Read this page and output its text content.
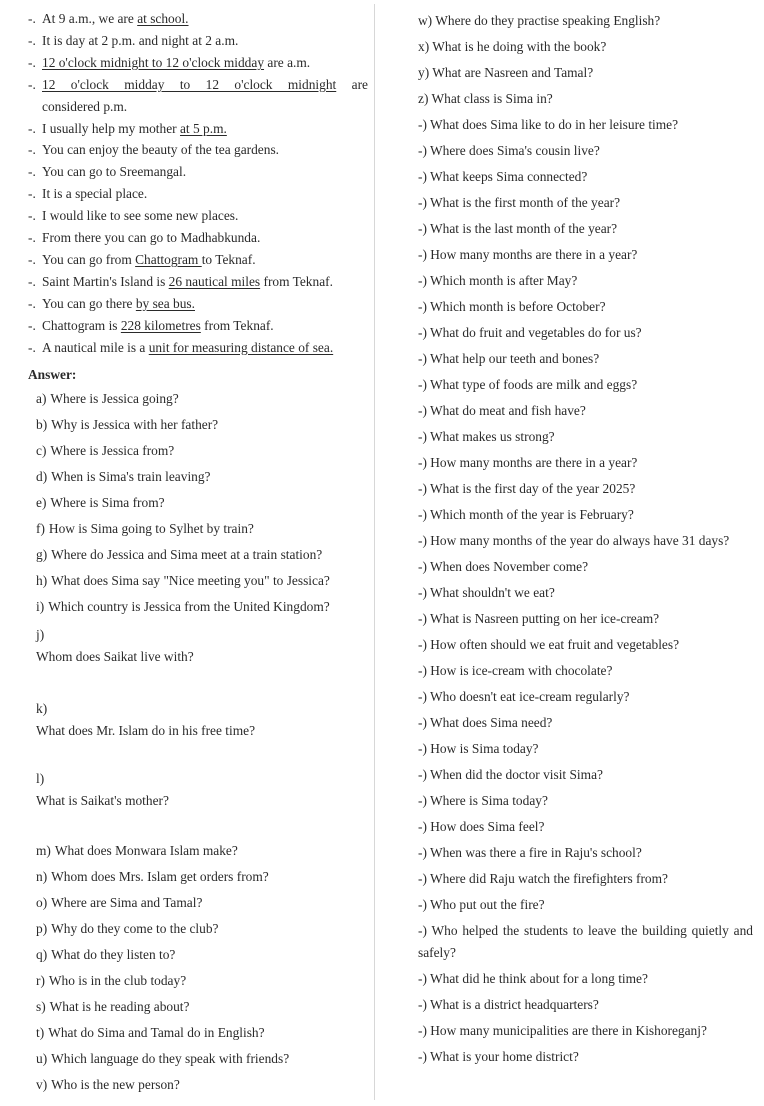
-. At 9 a.m., we are at school.
-. It is day at 2 p.m. and night at 2 a.m.
-. 12 o'clock midnight to 12 o'clock midday are a.m.
-. 12 o'clock midday to 12 o'clock midnight are
considered p.m.
-. I usually help my mother at 5 p.m.
-. You can enjoy the beauty of the tea gardens.
-. You can go to Sreemangal.
-. It is a special place.
-. I would like to see some new places.
-. From there you can go to Madhabkunda.
-. You can go from Chattogram to Teknaf.
-. Saint Martin's Island is 26 nautical miles from Teknaf.
-. You can go there by sea bus.
-. Chattogram is 228 kilometres from Teknaf.
-. A nautical mile is a unit for measuring distance of sea.
Answer:
a) Where is Jessica going?
b) Why is Jessica with her father?
c) Where is Jessica from?
d) When is Sima's train leaving?
e) Where is Sima from?
f) How is Sima going to Sylhet by train?
g) Where do Jessica and Sima meet at a train station?
h) What does Sima say "Nice meeting you" to Jessica?
i) Which country is Jessica from the United Kingdom?
j)
Whom does Saikat live with?
k)
What does Mr. Islam do in his free time?
l)
What is Saikat's mother?
m) What does Monwara Islam make?
n) Whom does Mrs. Islam get orders from?
o) Where are Sima and Tamal?
p) Why do they come to the club?
q) What do they listen to?
r) Who is in the club today?
s) What is he reading about?
t) What do Sima and Tamal do in English?
u) Which language do they speak with friends?
v) Who is the new person?
w) Where do they practise speaking English?
x) What is he doing with the book?
y) What are Nasreen and Tamal?
z) What class is Sima in?
-) What does Sima like to do in her leisure time?
-) Where does Sima's cousin live?
-) What keeps Sima connected?
-) What is the first month of the year?
-) What is the last month of the year?
-) How many months are there in a year?
-) Which month is after May?
-) Which month is before October?
-) What do fruit and vegetables do for us?
-) What help our teeth and bones?
-) What type of foods are milk and eggs?
-) What do meat and fish have?
-) What makes us strong?
-) How many months are there in a year?
-) What is the first day of the year 2025?
-) Which month of the year is February?
-) How many months of the year do always have 31 days?
-) When does November come?
-) What shouldn't we eat?
-) What is Nasreen putting on her ice-cream?
-) How often should we eat fruit and vegetables?
-) How is ice-cream with chocolate?
-) Who doesn't eat ice-cream regularly?
-) What does Sima need?
-) How is Sima today?
-) When did the doctor visit Sima?
-) Where is Sima today?
-) How does Sima feel?
-) When was there a fire in Raju's school?
-) Where did Raju watch the firefighters from?
-) Who put out the fire?
-) Who helped the students to leave the building quietly and safely?
-) What did he think about for a long time?
-) What is a district headquarters?
-) How many municipalities are there in Kishoreganj?
-) What is your home district?
